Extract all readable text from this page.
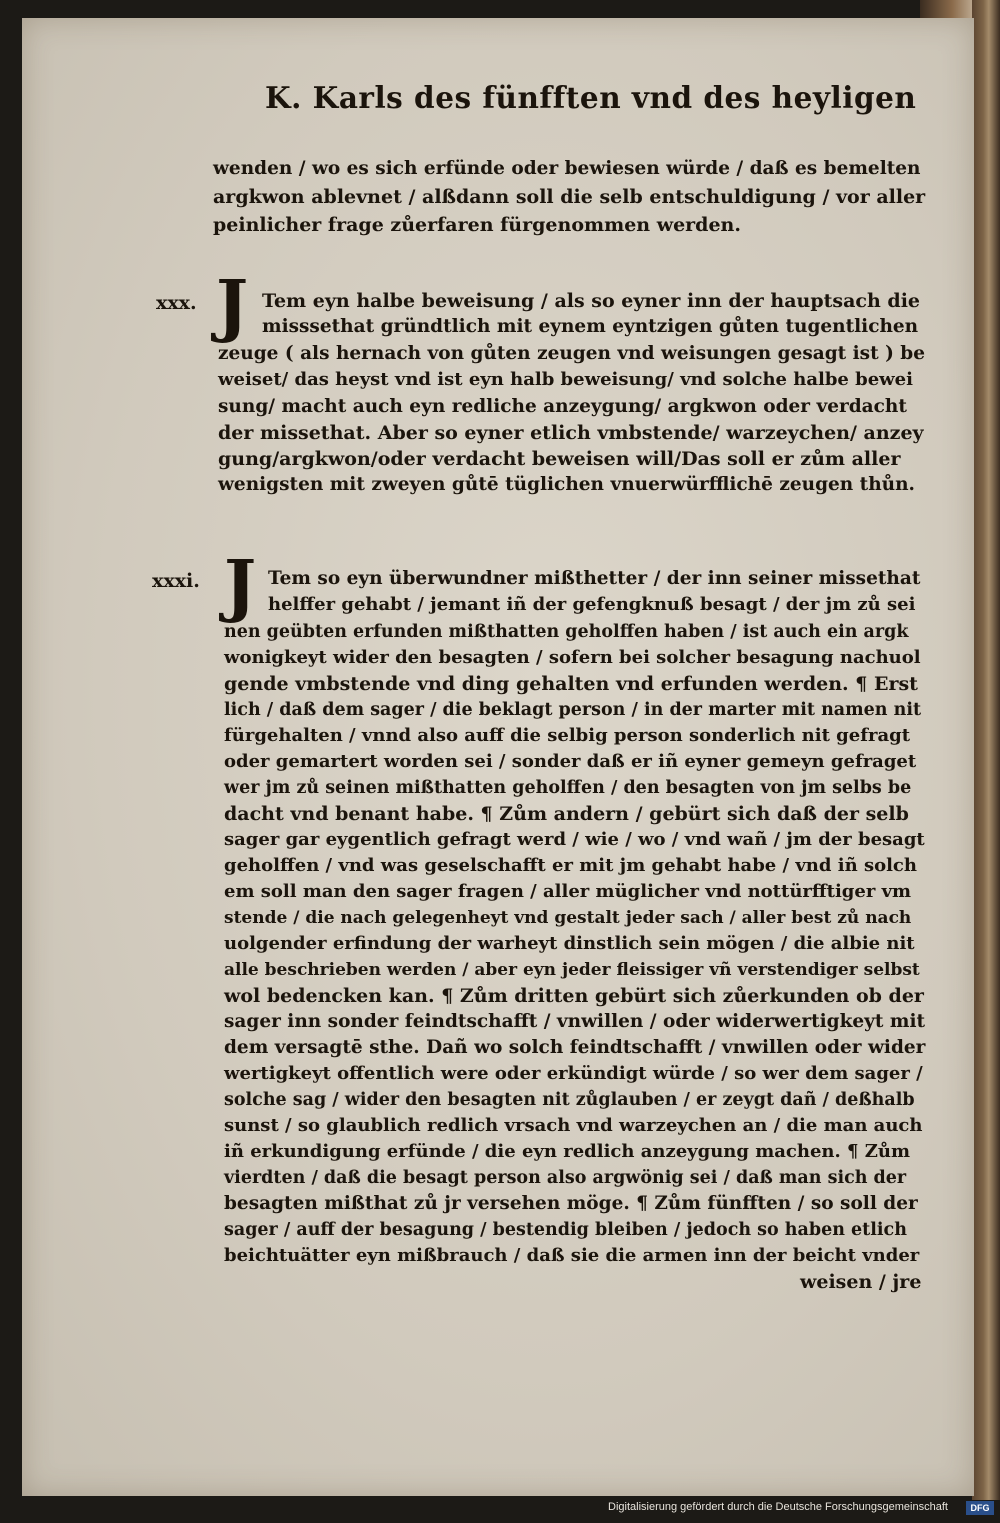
K. Karls des fünfften vnd des heyligen
wenden / wo es sich erfünde oder bewiesen würde / daß es bemelten
argkwon ablevnet / alßdann soll die selb entschuldigung / vor aller
peinlicher frage zůerfaren fürgenommen werden.
xxx. J Tem eyn halbe beweisung / als so eyner inn der hauptsach die
misssethat gründtlich mit eynem eyntzigen gůten tugentlichen
zeuge ( als hernach von gůten zeugen vnd weisungen gesagt ist ) be
weiset/ das heyst vnd ist eyn halb beweisung/ vnd solche halbe bewei
sung/ macht auch eyn redliche anzeygung/ argkwon oder verdacht
der missethat. Aber so eyner etlich vmbstende/ warzeychen/ anzey
gung/argkwon/oder verdacht beweisen will/Das soll er zům aller
wenigsten mit zweyen gůtē tüglichen vnuerwürfflichē zeugen thůn.
xxxi. J Tem so eyn überwundner mißthetter / der inn seiner missethat
helffer gehabt / jemant iñ der gefengknuß besagt / der jm zů sei
nen geübten erfunden mißthatten geholffen haben / ist auch ein argk
wonigkeyt wider den besagten / sofern bei solcher besagung nachuol
gende vmbstende vnd ding gehalten vnd erfunden werden. ¶ Erst
lich / daß dem sager / die beklagt person / in der marter mit namen nit
fürgehalten / vnnd also auff die selbig person sonderlich nit gefragt
oder gemartert worden sei / sonder daß er iñ eyner gemeyn gefraget
wer jm zů seinen mißthatten geholffen / den besagten von jm selbs be
dacht vnd benant habe. ¶ Zům andern / gebürt sich daß der selb
sager gar eygentlich gefragt werd / wie / wo / vnd wañ / jm der besagt
geholffen / vnd was geselschafft er mit jm gehabt habe / vnd iñ solch
em soll man den sager fragen / aller müglicher vnd nottürfftiger vm
stende / die nach gelegenheyt vnd gestalt jeder sach / aller best zů nach
uolgender erfindung der warheyt dinstlich sein mögen / die albie nit
alle beschrieben werden / aber eyn jeder fleissiger vñ verstendiger selbst
wol bedencken kan. ¶ Zům dritten gebürt sich zůerkunden ob der
sager inn sonder feindtschafft / vnwillen / oder widerwertigkeyt mit
dem versagtē sthe. Dañ wo solch feindtschafft / vnwillen oder wider
wertigkeyt offentlich were oder erkündigt würde / so wer dem sager /
solche sag / wider den besagten nit zůglauben / er zeygt dañ / deßhalb
sunst / so glaublich redlich vrsach vnd warzeychen an / die man auch
iñ erkundigung erfünde / die eyn redlich anzeygung machen. ¶ Zům
vierdten / daß die besagt person also argwönig sei / daß man sich der
besagten mißthat zů jr versehen möge. ¶ Zům fünfften / so soll der
sager / auff der besagung / bestendig bleiben / jedoch so haben etlich
beichtuätter eyn mißbrauch / daß sie die armen inn der beicht vnder
weisen / jre
Digitalisierung gefördert durch die Deutsche Forschungsgemeinschaft	DFG
